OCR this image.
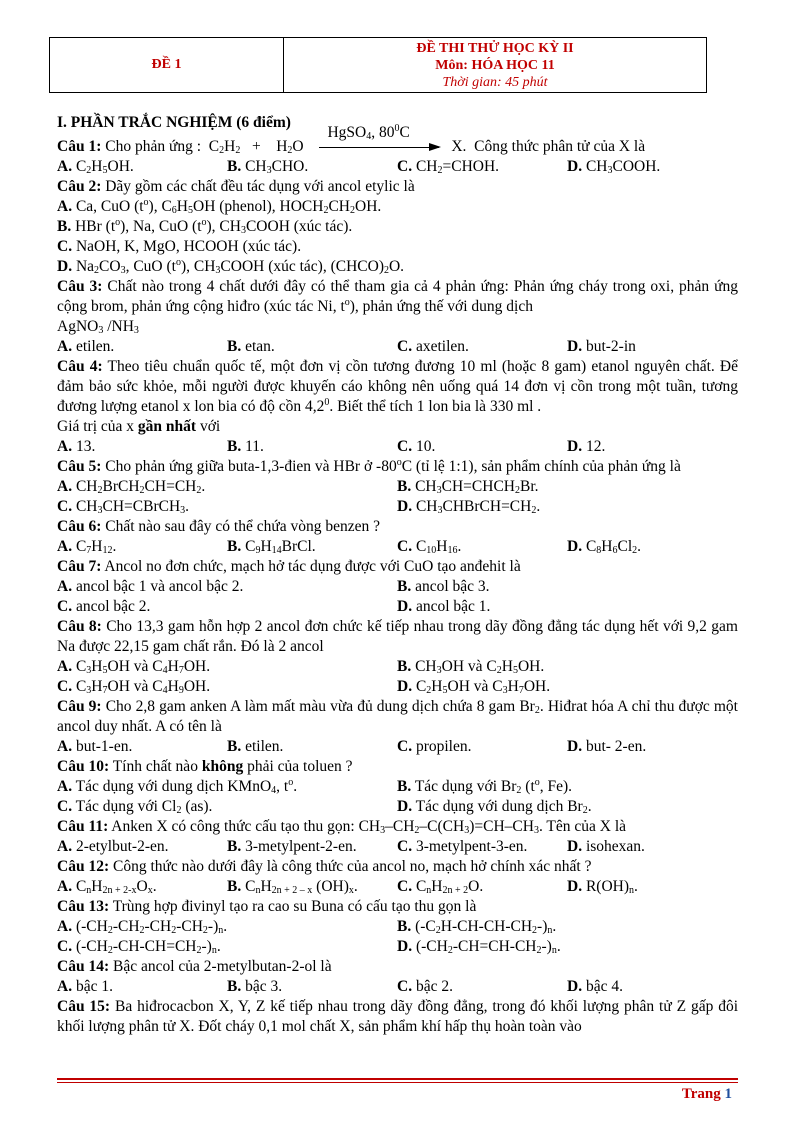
ĐỀ 1	
ĐỀ THI THỬ HỌC KỲ II
Môn: HÓA HỌC 11
Thời gian: 45 phút
I. PHẦN TRẮC NGHIỆM (6 điểm)
Câu 1: Cho phản ứng :  $C_2H_2$   +    $H_2O$
HgSO$_4$, $80^0C$
X.  Công thức phân tử của X là
A. $C_2H_5OH$.	B. $CH_3CHO$.	C. $CH_2=CHOH$.	D. $CH_3COOH$.
Câu 2: Dãy gồm các chất đều tác dụng với ancol etylic là
A. Ca, CuO $(t^o)$, $C_6H_5OH$ (phenol), $HOCH_2CH_2OH$.
B. HBr $(t^o)$, Na, CuO $(t^o)$, $CH_3COOH$ (xúc tác).
C. NaOH, K, MgO, HCOOH (xúc tác).
D. $Na_2CO_3$, CuO $(t^o)$, $CH_3COOH$ (xúc tác), $(CHCO)_2O$.
Câu 3: Chất nào trong 4 chất dưới đây có thể tham gia cả 4 phản ứng: Phản ứng cháy trong oxi, phản ứng cộng brom, phản ứng cộng hiđro (xúc tác Ni, $t^o$), phản ứng thế với dung dịch
AgNO$_3$ $/NH_3$
A. etilen.	B. etan.	C. axetilen.	D. but-2-in
Câu 4: Theo tiêu chuẩn quốc tế, một đơn vị cồn tương đương 10 ml (hoặc 8 gam) etanol nguyên chất. Để đảm bảo sức khỏe, mỗi người được khuyến cáo không nên uống quá 14 đơn vị cồn trong một tuần, tương đương lượng etanol x lon bia có độ cồn $4,2^0$. Biết thể tích 1 lon bia là 330 ml .
Giá trị của x gần nhất với
A. 13.	B. 11.	C. 10.	D. 12.
Câu 5: Cho phản ứng giữa buta-1,3-đien và HBr ở -80$^o$C (tỉ lệ 1:1), sản phẩm chính của phản ứng là
A. $CH_2BrCH_2CH=CH_2$.	B. $CH_3CH=CHCH_2Br$.
C. $CH_3CH=CBrCH_3$.	D. $CH_3CHBrCH=CH_2$.
Câu 6: Chất nào sau đây có thể chứa vòng benzen ?
A. $C_7H_{12}$.	B. $C_9H_{14}BrCl$.	C. $C_{10}H_{16}$.	D. $C_8H_6Cl_2$.
Câu 7: Ancol no đơn chức, mạch hở tác dụng được với CuO tạo anđehit là
A. ancol bậc 1 và ancol bậc 2.	B. ancol bậc 3.
C. ancol bậc 2.	D. ancol bậc 1.
Câu 8: Cho 13,3 gam hỗn hợp 2 ancol đơn chức kế tiếp nhau trong dãy đồng đẳng tác dụng hết với 9,2 gam Na được 22,15 gam chất rắn. Đó là 2 ancol
A. $C_3H_5OH$ và $C_4H_7OH$.	B. $CH_3OH$ và $C_2H_5OH$.
C. $C_3H_7OH$ và $C_4H_9OH$.	D. $C_2H_5OH$ và $C_3H_7OH$.
Câu 9: Cho 2,8 gam anken A làm mất màu vừa đủ dung dịch chứa 8 gam $Br_2$. Hiđrat hóa A chỉ thu được một ancol duy nhất. A có tên là
A. but-1-en.	B. etilen.	C. propilen.	D. but- 2-en.
Câu 10: Tính chất nào không phải của toluen ?
A. Tác dụng với dung dịch KMnO$_4$, $t^o$.	B. Tác dụng với $Br_2$ ($t^o$, Fe).
C. Tác dụng với $Cl_2$ (as).	D. Tác dụng với dung dịch $Br_2$.
Câu 11: Anken X có công thức cấu tạo thu gọn: $CH_3-CH_2-C(CH_3)=CH-CH_3$. Tên của X là
A. 2-etylbut-2-en.	B. 3-metylpent-2-en.	C. 3-metylpent-3-en.	D. isohexan.
Câu 12: Công thức nào dưới đây là công thức của ancol no, mạch hở chính xác nhất ?
A. $C_nH_{2n + 2-x}O_x$.	B. $C_nH_{2n + 2 - x}$ $(OH)_x$.	C. $C_nH_{2n + 2}O$.	D. $R(OH)_n$.
Câu 13: Trùng hợp đivinyl tạo ra cao su Buna có cấu tạo thu gọn là
A. $(-CH_2-CH_2-CH_2-CH_2-)_n$.	B. $(-C_2H-CH-CH-CH_2-)_n$.
C. $(-CH_2-CH-CH=CH_2-)_n$.	D. $(-CH_2-CH=CH-CH_2-)_n$.
Câu 14: Bậc ancol của 2-metylbutan-2-ol là
A. bậc 1.	B. bậc 3.	C. bậc 2.	D. bậc 4.
Câu 15: Ba hiđrocacbon X, Y, Z kế tiếp nhau trong dãy đồng đẳng, trong đó khối lượng phân tử Z gấp đôi khối lượng phân tử X. Đốt cháy 0,1 mol chất X, sản phẩm khí hấp thụ hoàn toàn vào
Trang 1
